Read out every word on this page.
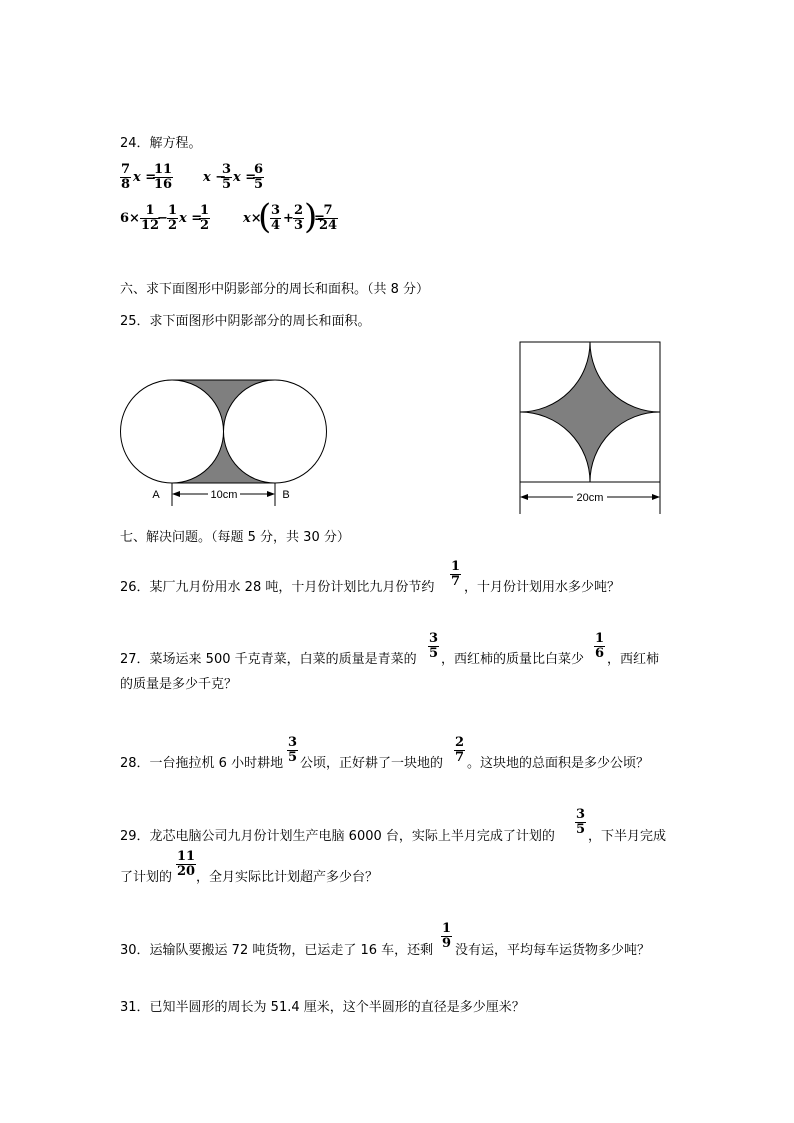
24．解方程。
7
8 x =
11
16 x −
3
5 x =
6
5
6×
1
12
−
1
2 x =
1
2	x×
( 3
4 +
2
3 )
=
7
24
六、求下面图形中阴影部分的周长和面积。（共 8 分）
25．求下面图形中阴影部分的周长和面积。
10cm
A	B	20cm
七、解决问题。（每题 5 分，共 30 分）
26．某厂九月份用水 28 吨，十月份计划比九月份节约
1
7 ，十月份计划用水多少吨？
27．菜场运来 500 千克青菜，白菜的质量是青菜的
3
5 ，西红柿的质量比白菜少
1
6 ，西红柿
的质量是多少千克？
28．一台拖拉机 6 小时耕地
3
5 公顷，正好耕了一块地的
2
7 。这块地的总面积是多少公顷？
29．龙芯电脑公司九月份计划生产电脑 6000 台，实际上半月完成了计划的
3
5 ，下半月完成
了计划的
11
20 ，全月实际比计划超产多少台？
30．运输队要搬运 72 吨货物，已运走了 16 车，还剩
1
9 没有运，平均每车运货物多少吨？
31．已知半圆形的周长为 51.4 厘米，这个半圆形的直径是多少厘米？
